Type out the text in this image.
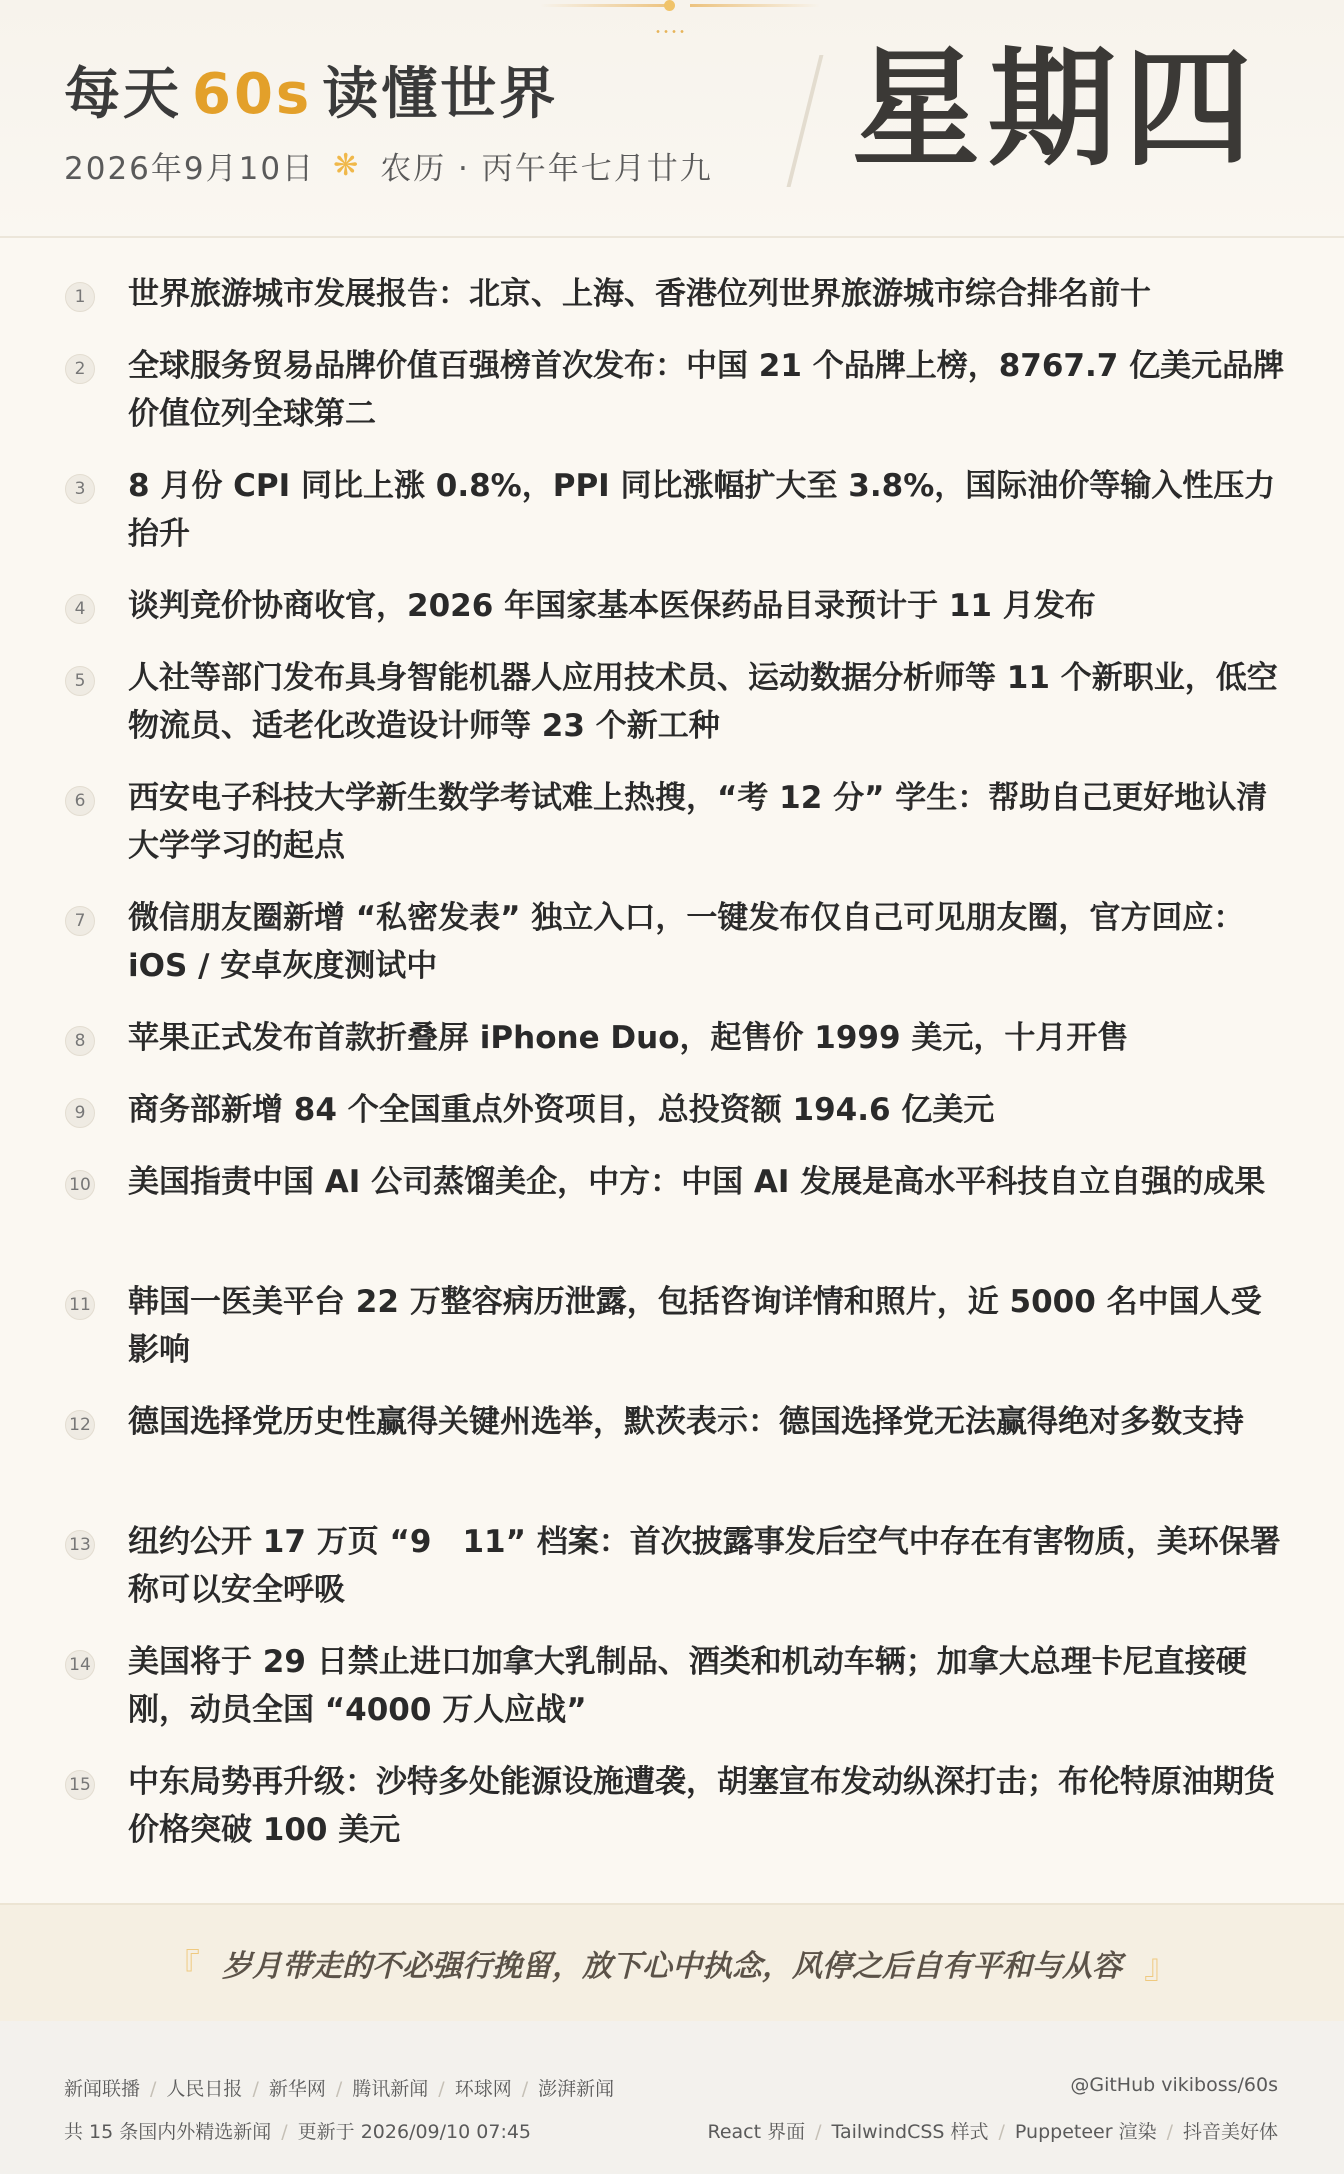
每天 60s 读懂世界
2026年9月10日 ❋ 农历 · 丙午年七月廿九 星期四
1	世界旅游城市发展报告：北京、上海、香港位列世界旅游城市综合排名前十
2	全球服务贸易品牌价值百强榜首次发布：中国 21 个品牌上榜，8767.7 亿美元品牌价值位列全球第二
3	8 月份 CPI 同比上涨 0.8%，PPI 同比涨幅扩大至 3.8%，国际油价等输入性压力抬升
4	谈判竞价协商收官，2026 年国家基本医保药品目录预计于 11 月发布
5	人社等部门发布具身智能机器人应用技术员、运动数据分析师等 11 个新职业，低空物流员、适老化改造设计师等 23 个新工种
6	西安电子科技大学新生数学考试难上热搜，“考 12 分” 学生：帮助自己更好地认清大学学习的起点
7	微信朋友圈新增 “私密发表” 独立入口，一键发布仅自己可见朋友圈，官方回应：iOS / 安卓灰度测试中
8	苹果正式发布首款折叠屏 iPhone Duo，起售价 1999 美元，十月开售
9	商务部新增 84 个全国重点外资项目，总投资额 194.6 亿美元
10 美国指责中国 AI 公司蒸馏美企，中方：中国 AI 发展是高水平科技自立自强的成果
11 韩国一医美平台 22 万整容病历泄露，包括咨询详情和照片，近 5000 名中国人受影响
12 德国选择党历史性赢得关键州选举，默茨表示：德国选择党无法赢得绝对多数支持
13 纽约公开 17 万页 “9　11” 档案：首次披露事发后空气中存在有害物质，美环保署称可以安全呼吸
14 美国将于 29 日禁止进口加拿大乳制品、酒类和机动车辆；加拿大总理卡尼直接硬刚，动员全国 “4000 万人应战”
15 中东局势再升级：沙特多处能源设施遭袭，胡塞宣布发动纵深打击；布伦特原油期货价格突破 100 美元
『 岁月带走的不必强行挽留，放下心中执念，风停之后自有平和与从容 』
新闻联播 / 人民日报 / 新华网 / 腾讯新闻 / 环球网 / 澎湃新闻
共 15 条国内外精选新闻 / 更新于 2026/09/10 07:45
@GitHub vikiboss/60s
React 界面 / TailwindCSS 样式 / Puppeteer 渲染 / 抖音美好体
